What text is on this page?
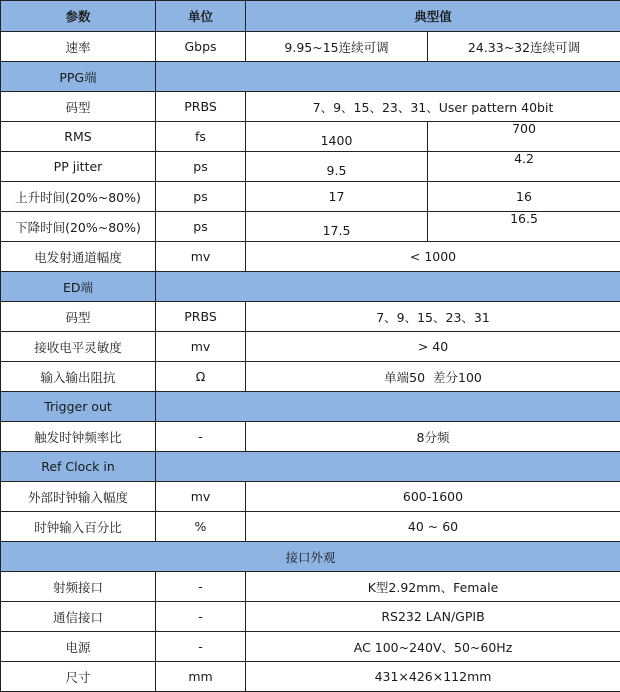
参数	单位	典型值	
速率	Gbps	9.95~15连续可调	24.33~32连续可调
PPG端			
码型	PRBS	7、9、15、23、31、User pattern 40bit	
RMS	fs	1400	700

PP jitter	ps	9.5	4.2

上升时间(20%~80%)	ps	17	16
下降时间(20%~80%)	ps	17.5	16.5

电发射通道幅度	mv	< 1000	
ED端			
码型	PRBS	7、9、15、23、31	
接收电平灵敏度	mv	> 40	
输入输出阻抗	Ω	单端50  差分100	
Trigger out			
触发时钟频率比	-	8分频	
Ref Clock in			
外部时钟输入幅度	mv	600-1600	
时钟输入百分比	%	40 ~ 60	
接口外观			
射频接口	-	K型2.92mm、Female	
通信接口	-	RS232 LAN/GPIB	
电源	-	AC 100~240V、50~60Hz	
尺寸	mm	431×426×112mm	
